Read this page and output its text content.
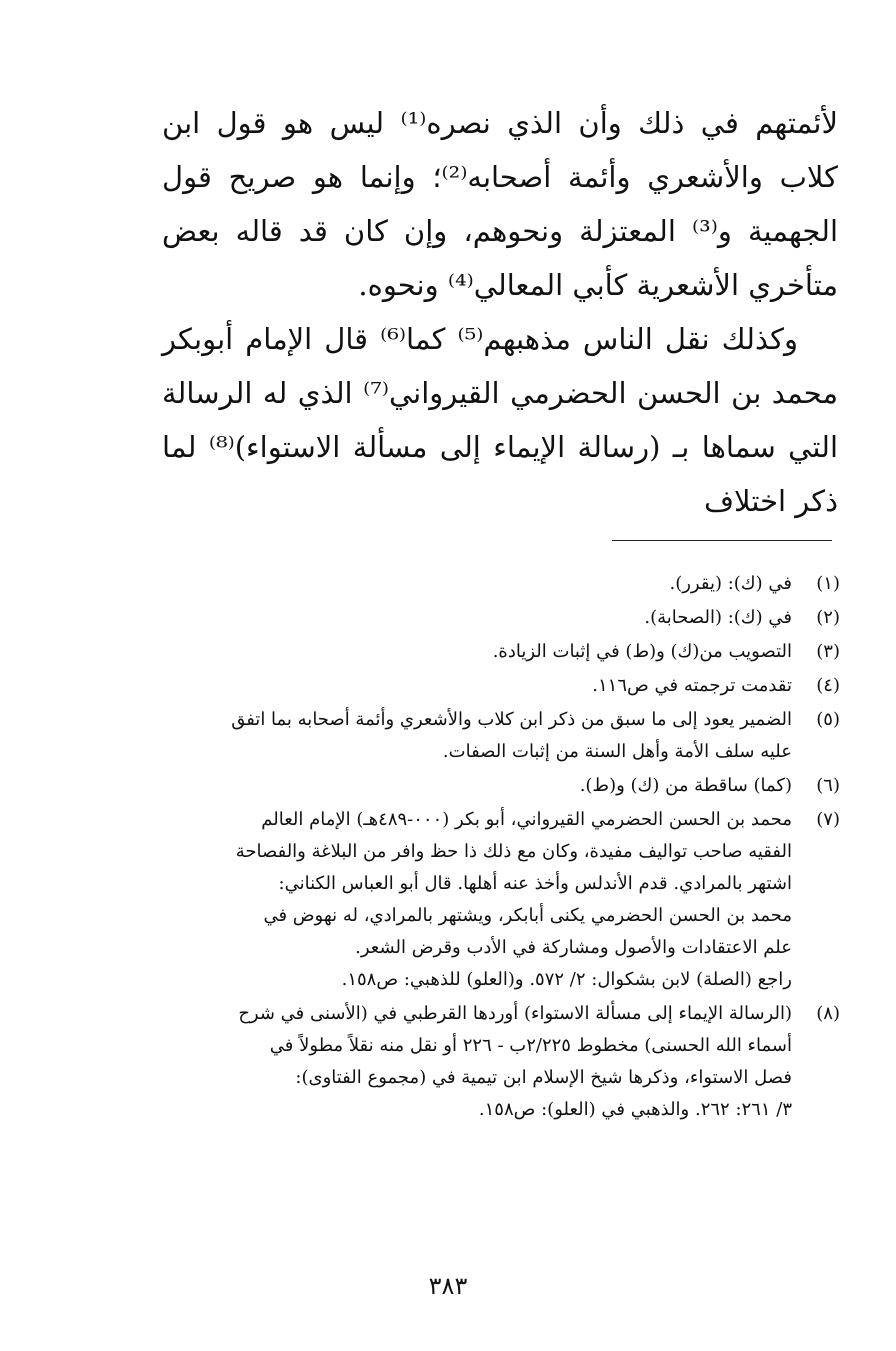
لأئمتهم في ذلك وأن الذي نصره⁽¹⁾ ليس هو قول ابن كلاب والأشعري وأئمة أصحابه⁽²⁾؛ وإنما هو صريح قول الجهمية و⁽³⁾ المعتزلة ونحوهم، وإن كان قد قاله بعض متأخري الأشعرية كأبي المعالي⁽⁴⁾ ونحوه.

وكذلك نقل الناس مذهبهم⁽⁵⁾ كما⁽⁶⁾ قال الإمام أبوبكر محمد بن الحسن الحضرمي القيرواني⁽⁷⁾ الذي له الرسالة التي سماها بـ (رسالة الإيماء إلى مسألة الاستواء)⁽⁸⁾ لما ذكر اختلاف

(١)
في (ك): (يقرر).
(٢)
في (ك): (الصحابة).
(٣)
التصويب من(ك) و(ط) في إثبات الزيادة.
(٤)
تقدمت ترجمته في ص١١٦.
(٥)
الضمير يعود إلى ما سبق من ذكر ابن كلاب والأشعري وأئمة أصحابه بما اتفق
عليه سلف الأمة وأهل السنة من إثبات الصفات.
(٦)
(كما) ساقطة من (ك) و(ط).
(٧)
محمد بن الحسن الحضرمي القيرواني، أبو بكر (٠٠٠-٤٨٩هـ) الإمام العالم
الفقيه صاحب تواليف مفيدة، وكان مع ذلك ذا حظ وافر من البلاغة والفصاحة
اشتهر بالمرادي. قدم الأندلس وأخذ عنه أهلها. قال أبو العباس الكناني:
محمد بن الحسن الحضرمي يكنى أبابكر، ويشتهر بالمرادي، له نهوض في
علم الاعتقادات والأصول ومشاركة في الأدب وقرض الشعر.
راجع (الصلة) لابن بشكوال: ٢/ ٥٧٢. و(العلو) للذهبي: ص١٥٨.
(٨)
(الرسالة الإيماء إلى مسألة الاستواء) أوردها القرطبي في (الأسنى في شرح
أسماء الله الحسنى) مخطوط ٢/٢٢٥ب - ٢٢٦ أو نقل منه نقلاً مطولاً في
فصل الاستواء، وذكرها شيخ الإسلام ابن تيمية في (مجموع الفتاوى):
٣/ ٢٦١: ٢٦٢. والذهبي في (العلو): ص١٥٨.
٣٨٣
